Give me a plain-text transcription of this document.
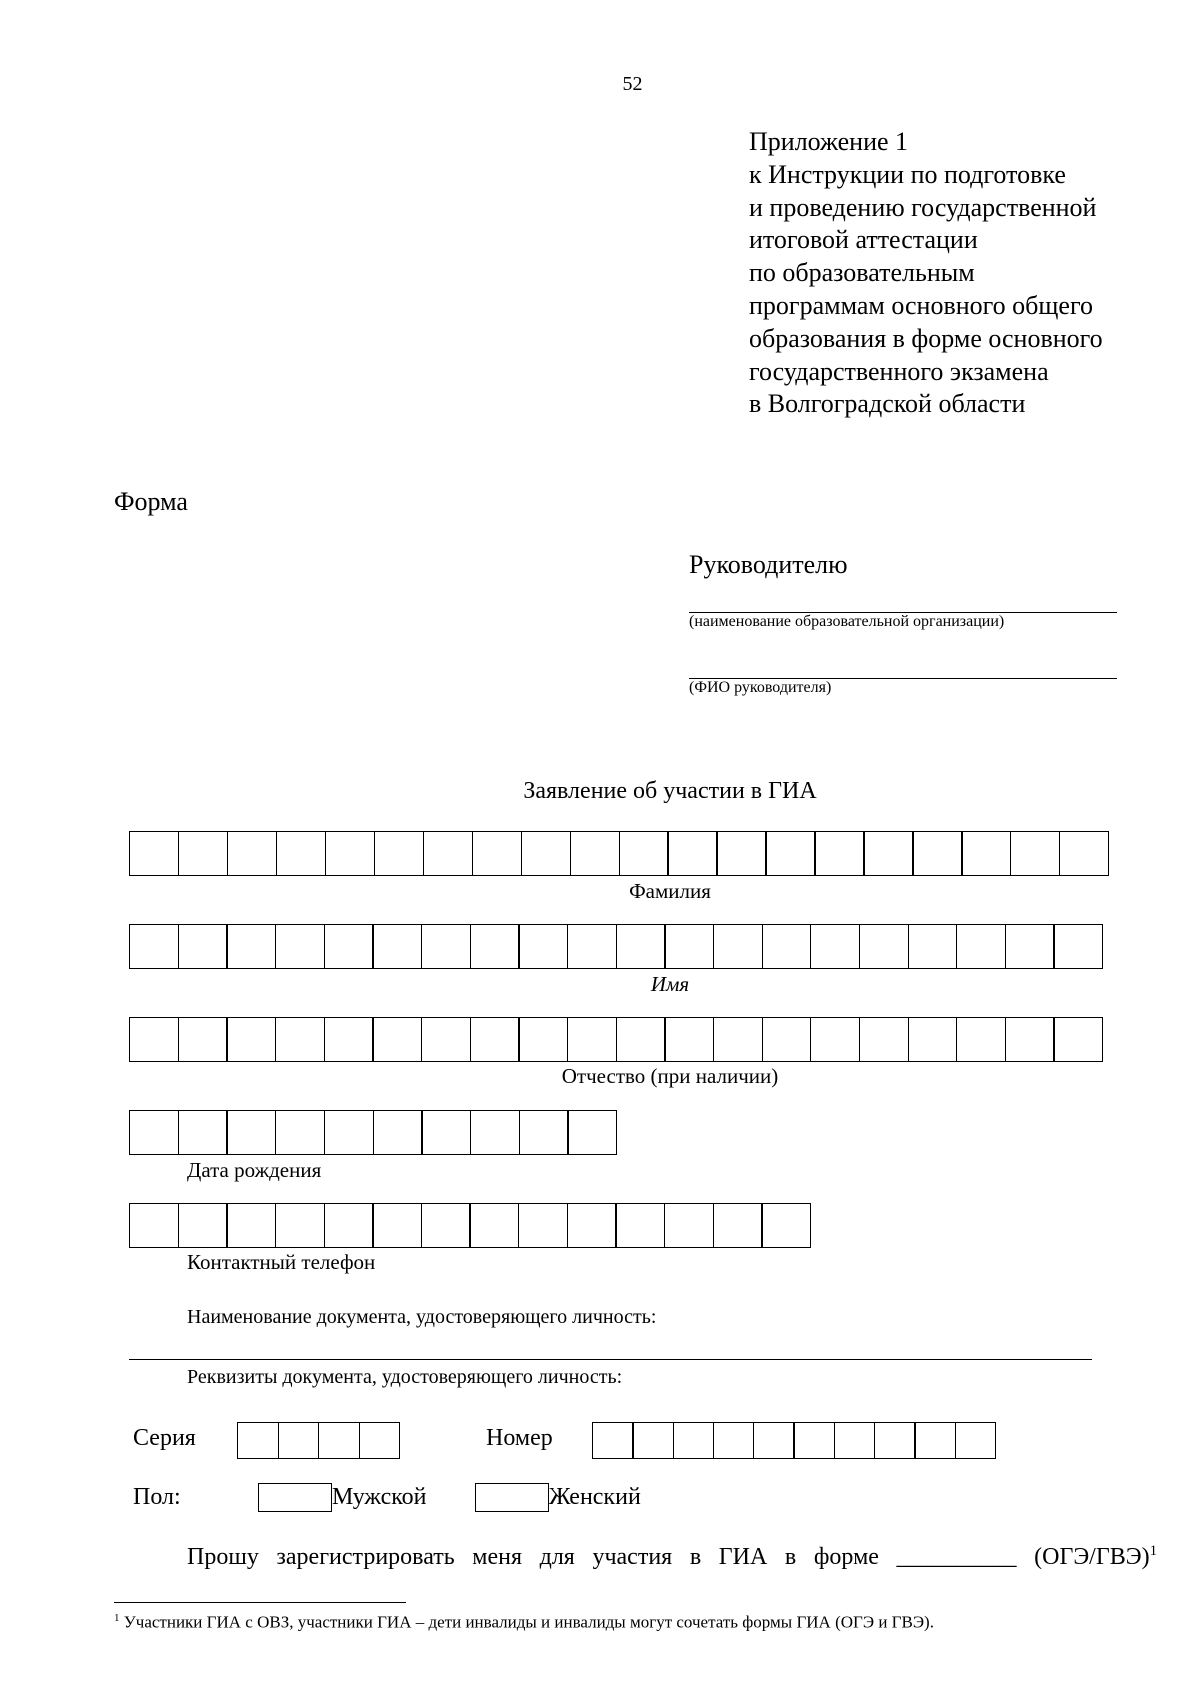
52
Приложение 1
к Инструкции по подготовке
и проведению государственной
итоговой аттестации
по образовательным
программам основного общего
образования в форме основного
государственного экзамена
в Волгоградской области
Форма
Руководителю
(наименование образовательной организации)
(ФИО руководителя)
Заявление об участии в ГИА
Фамилия
Имя
Отчество (при наличии)
Дата рождения
Контактный телефон
Наименование документа, удостоверяющего личность:
Реквизиты документа, удостоверяющего личность:
Серия	Номер
Пол:	Мужской	Женский
Прошу зарегистрировать меня для участия в ГИА в форме __________ $(ОГЭ/ГВЭ)^1$
$^1$ Участники ГИА с ОВЗ, участники ГИА – дети инвалиды и инвалиды могут сочетать формы ГИА (ОГЭ и ГВЭ).
